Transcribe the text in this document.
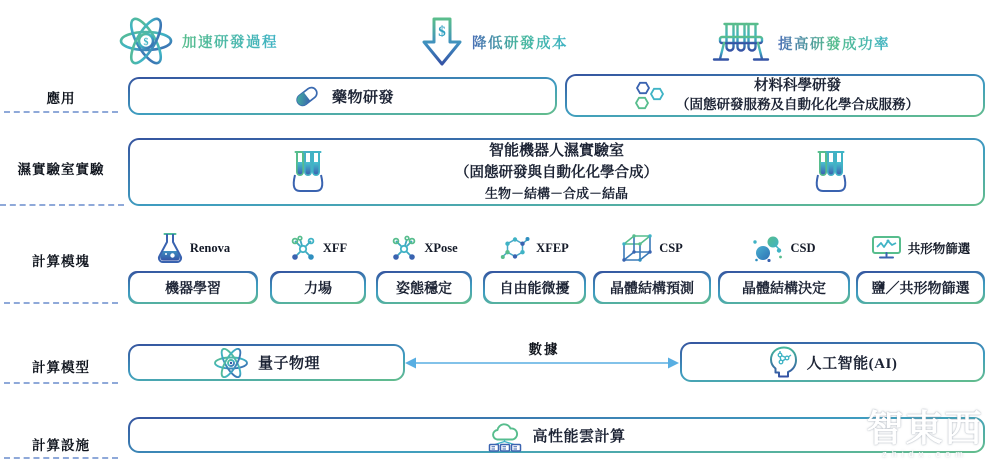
$ 加速研發過程
$
降低研發成本	提高研發成功率
應用
濕實驗室實驗
計算模塊
計算模型
計算設施
藥物研發
材料科學研發
（固態研發服務及自動化化學合成服務）
智能機器人濕實驗室
（固態研發與自動化化學合成）
生物－結構－合成－結晶
Renova
機器學習
XFF
力場
XPose
姿態穩定
XFEP
自由能微擾
CSP
晶體結構預測
CSD
晶體結構決定
共形物篩選
鹽／共形物篩選
量子物理
數據
人工智能(AI)
高性能雲計算	智東西
zhidx.com
